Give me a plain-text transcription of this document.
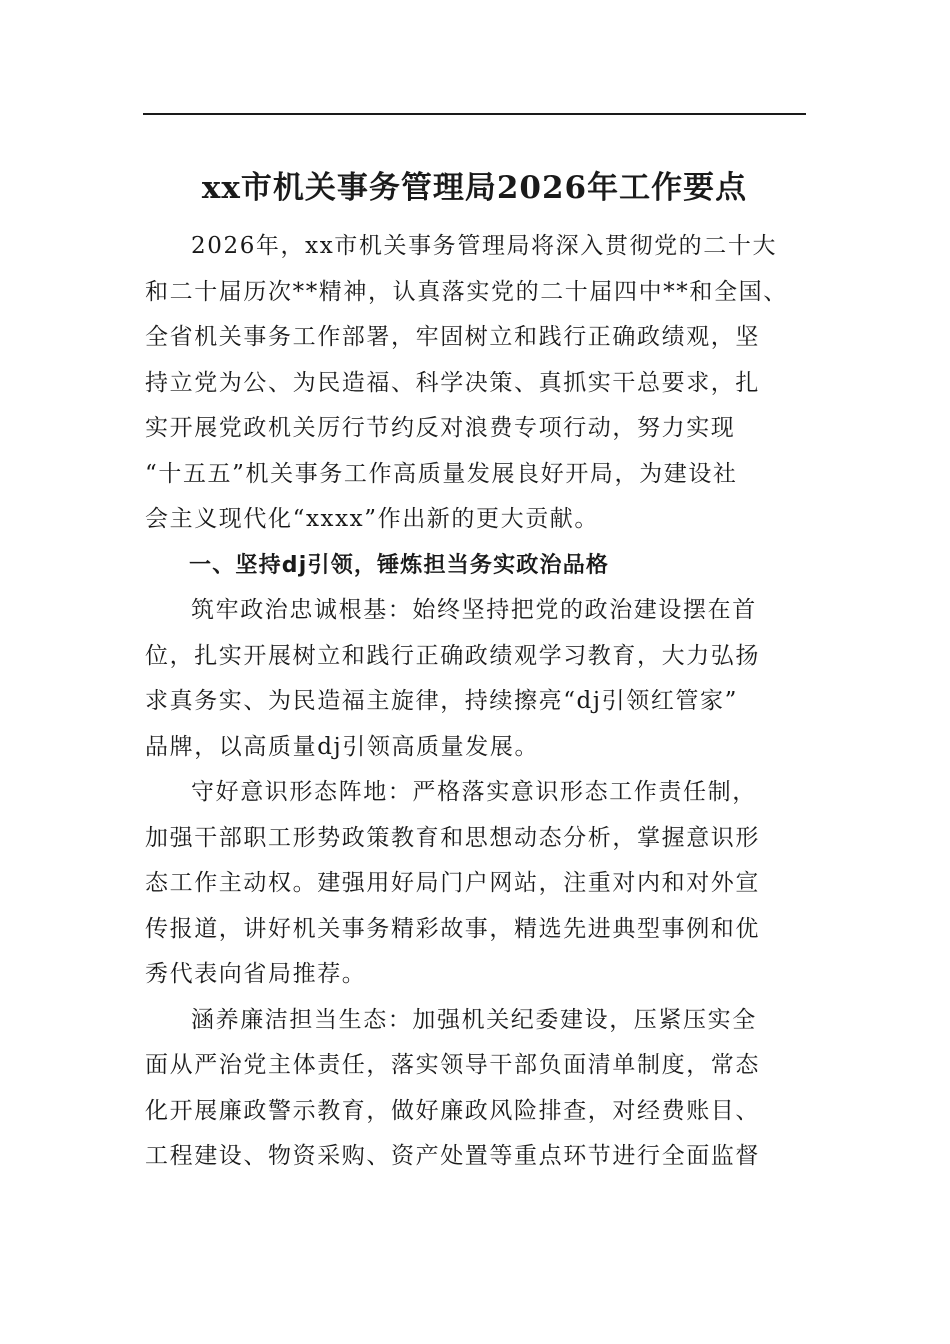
xx市机关事务管理局2026年工作要点

2026年，xx市机关事务管理局将深入贯彻党的二十大
和二十届历次**精神，认真落实党的二十届四中**和全国、
全省机关事务工作部署，牢固树立和践行正确政绩观，坚
持立党为公、为民造福、科学决策、真抓实干总要求，扎
实开展党政机关厉行节约反对浪费专项行动，努力实现
“十五五”机关事务工作高质量发展良好开局，为建设社
会主义现代化“xxxx”作出新的更大贡献。

一、坚持dj引领，锤炼担当务实政治品格

筑牢政治忠诚根基：始终坚持把党的政治建设摆在首
位，扎实开展树立和践行正确政绩观学习教育，大力弘扬
求真务实、为民造福主旋律，持续擦亮“dj引领红管家”
品牌，以高质量dj引领高质量发展。

守好意识形态阵地：严格落实意识形态工作责任制，
加强干部职工形势政策教育和思想动态分析，掌握意识形
态工作主动权。建强用好局门户网站，注重对内和对外宣
传报道，讲好机关事务精彩故事，精选先进典型事例和优
秀代表向省局推荐。

涵养廉洁担当生态：加强机关纪委建设，压紧压实全
面从严治党主体责任，落实领导干部负面清单制度，常态
化开展廉政警示教育，做好廉政风险排查，对经费账目、
工程建设、物资采购、资产处置等重点环节进行全面监督
